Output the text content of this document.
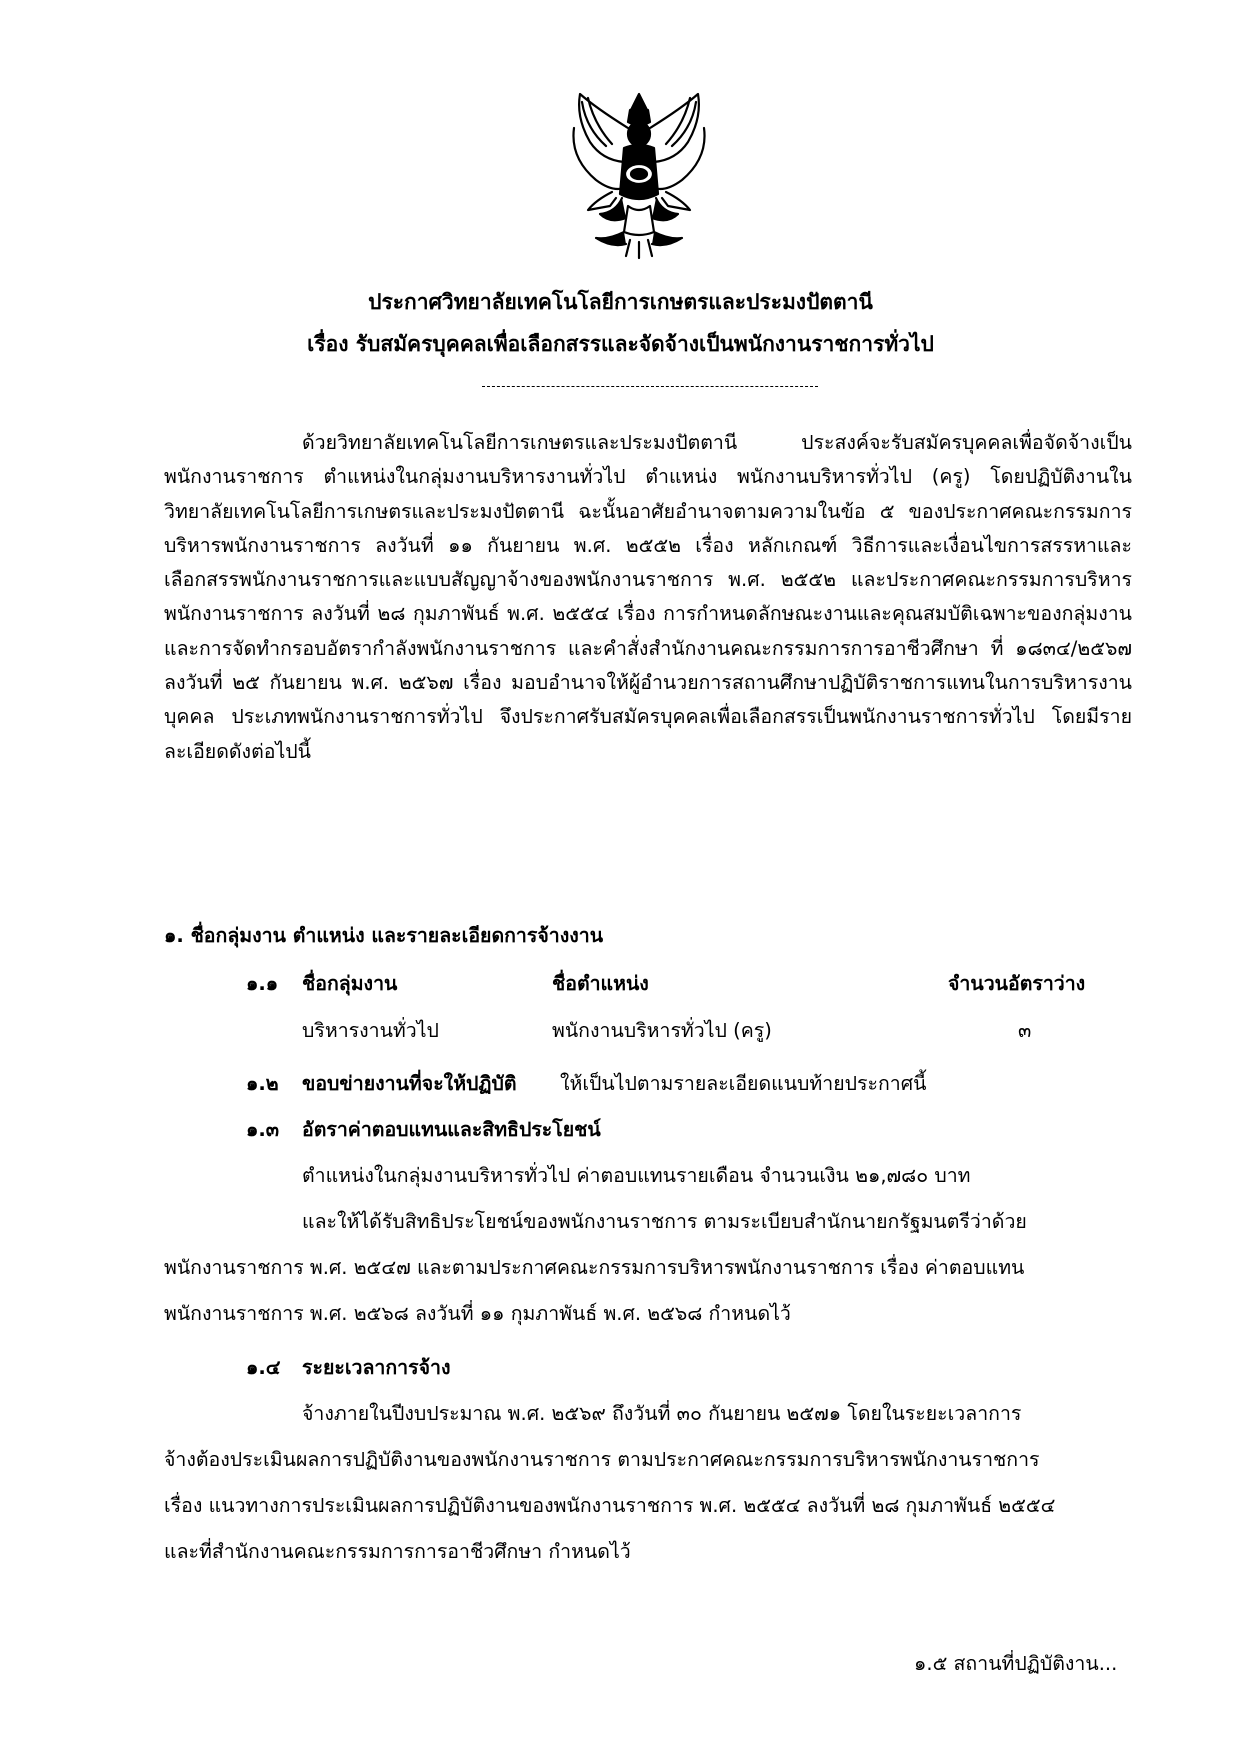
ประกาศวิทยาลัยเทคโนโลยีการเกษตรและประมงปัตตานี
เรื่อง รับสมัครบุคคลเพื่อเลือกสรรและจัดจ้างเป็นพนักงานราชการทั่วไป
ด้วยวิทยาลัยเทคโนโลยีการเกษตรและประมงปัตตานี ประสงค์จะรับสมัครบุคคลเพื่อจัดจ้างเป็นพนักงานราชการ ตำแหน่งในกลุ่มงานบริหารงานทั่วไป ตำแหน่ง พนักงานบริหารทั่วไป (ครู) โดยปฏิบัติงานในวิทยาลัยเทคโนโลยีการเกษตรและประมงปัตตานี ฉะนั้นอาศัยอำนาจตามความในข้อ ๕ ของประกาศคณะกรรมการบริหารพนักงานราชการ ลงวันที่ ๑๑ กันยายน พ.ศ. ๒๕๕๒ เรื่อง หลักเกณฑ์ วิธีการและเงื่อนไขการสรรหาและเลือกสรรพนักงานราชการและแบบสัญญาจ้างของพนักงานราชการ พ.ศ. ๒๕๕๒ และประกาศคณะกรรมการบริหารพนักงานราชการ ลงวันที่ ๒๘ กุมภาพันธ์ พ.ศ. ๒๕๕๔ เรื่อง การกำหนดลักษณะงานและคุณสมบัติเฉพาะของกลุ่มงานและการจัดทำกรอบอัตรากำลังพนักงานราชการ และคำสั่งสำนักงานคณะกรรมการการอาชีวศึกษา ที่ ๑๘๓๔/๒๕๖๗ ลงวันที่ ๒๕ กันยายน พ.ศ. ๒๕๖๗ เรื่อง มอบอำนาจให้ผู้อำนวยการสถานศึกษาปฏิบัติราชการแทนในการบริหารงานบุคคล ประเภทพนักงานราชการทั่วไป จึงประกาศรับสมัครบุคคลเพื่อเลือกสรรเป็นพนักงานราชการทั่วไป โดยมีรายละเอียดดังต่อไปนี้
๑. ชื่อกลุ่มงาน ตำแหน่ง และรายละเอียดการจ้างงาน
๑.๑ ชื่อกลุ่มงาน	ชื่อตำแหน่ง	จำนวนอัตราว่าง
บริหารงานทั่วไป	พนักงานบริหารทั่วไป (ครู)	๓
๑.๒ ขอบข่ายงานที่จะให้ปฏิบัติ ให้เป็นไปตามรายละเอียดแนบท้ายประกาศนี้
๑.๓ อัตราค่าตอบแทนและสิทธิประโยชน์
ตำแหน่งในกลุ่มงานบริหารทั่วไป ค่าตอบแทนรายเดือน จำนวนเงิน ๒๑,๗๘๐ บาท
และให้ได้รับสิทธิประโยชน์ของพนักงานราชการ ตามระเบียบสำนักนายกรัฐมนตรีว่าด้วย
พนักงานราชการ พ.ศ. ๒๕๔๗ และตามประกาศคณะกรรมการบริหารพนักงานราชการ เรื่อง ค่าตอบแทน
พนักงานราชการ พ.ศ. ๒๕๖๘ ลงวันที่ ๑๑ กุมภาพันธ์ พ.ศ. ๒๕๖๘ กำหนดไว้
๑.๔ ระยะเวลาการจ้าง
จ้างภายในปีงบประมาณ พ.ศ. ๒๕๖๙ ถึงวันที่ ๓๐ กันยายน ๒๕๗๑ โดยในระยะเวลาการ
จ้างต้องประเมินผลการปฏิบัติงานของพนักงานราชการ ตามประกาศคณะกรรมการบริหารพนักงานราชการ
เรื่อง แนวทางการประเมินผลการปฏิบัติงานของพนักงานราชการ พ.ศ. ๒๕๕๔ ลงวันที่ ๒๘ กุมภาพันธ์ ๒๕๕๔
และที่สำนักงานคณะกรรมการการอาชีวศึกษา กำหนดไว้
๑.๕ สถานที่ปฏิบัติงาน...
